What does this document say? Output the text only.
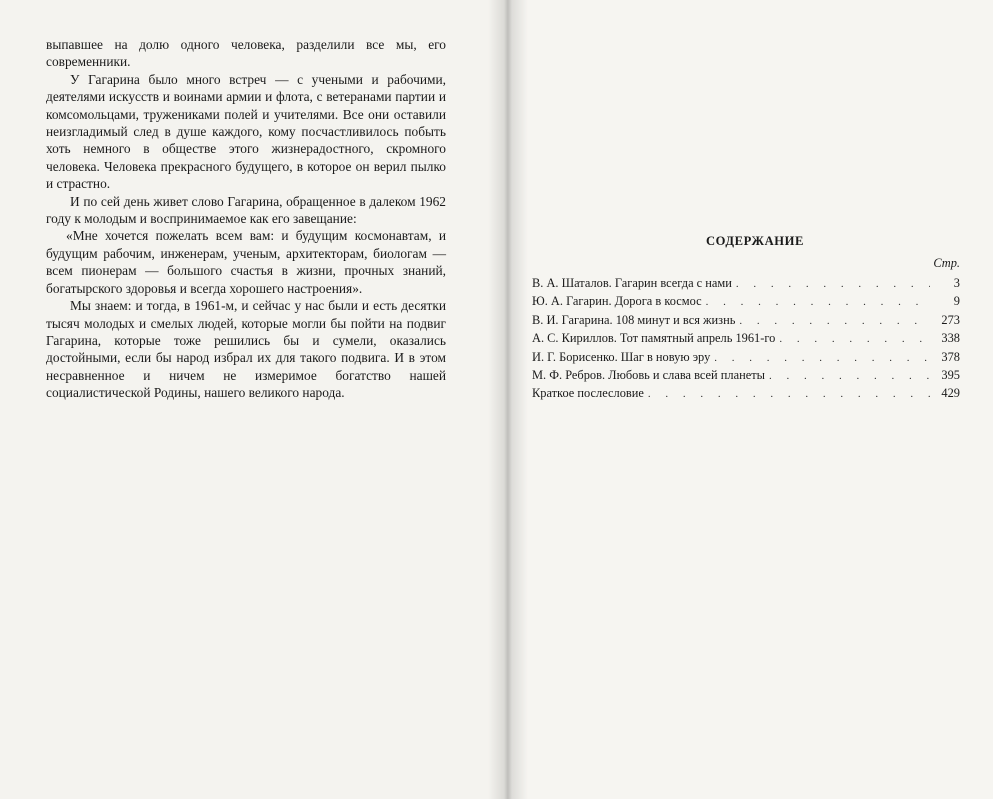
выпавшее на долю одного человека, разделили все мы, его современники.

У Гагарина было много встреч — с учеными и рабочими, деятелями искусств и воинами армии и флота, с ветеранами партии и комсомольцами, тружениками полей и учителями. Все они оставили неизгладимый след в душе каждого, кому посчастливилось побыть хоть немного в обществе этого жизнерадостного, скромного человека. Человека прекрасного будущего, в которое он верил пылко и страстно.

И по сей день живет слово Гагарина, обращенное в далеком 1962 году к молодым и воспринимаемое как его завещание:

«Мне хочется пожелать всем вам: и будущим космонавтам, и будущим рабочим, инженерам, ученым, архитекторам, биологам — всем пионерам — большого счастья в жизни, прочных знаний, богатырского здоровья и всегда хорошего настроения».

Мы знаем: и тогда, в 1961-м, и сейчас у нас были и есть десятки тысяч молодых и смелых людей, которые могли бы пойти на подвиг Гагарина, которые тоже решились бы и сумели, оказались достойными, если бы народ избрал их для такого подвига. И в этом несравненное и ничем не измеримое богатство нашей социалистической Родины, нашего великого народа.

СОДЕРЖАНИЕ
Стр.
В. А. Шаталов. Гагарин всегда с нами . . .	3
Ю. А. Гагарин. Дорога в космос . . .	9
В. И. Гагарина. 108 минут и вся жизнь . . .	273
А. С. Кириллов. Тот памятный апрель 1961-го . . .	338
И. Г. Борисенко. Шаг в новую эру . . .	378
М. Ф. Ребров. Любовь и слава всей планеты . . .	395
Краткое послесловие . . .	429
